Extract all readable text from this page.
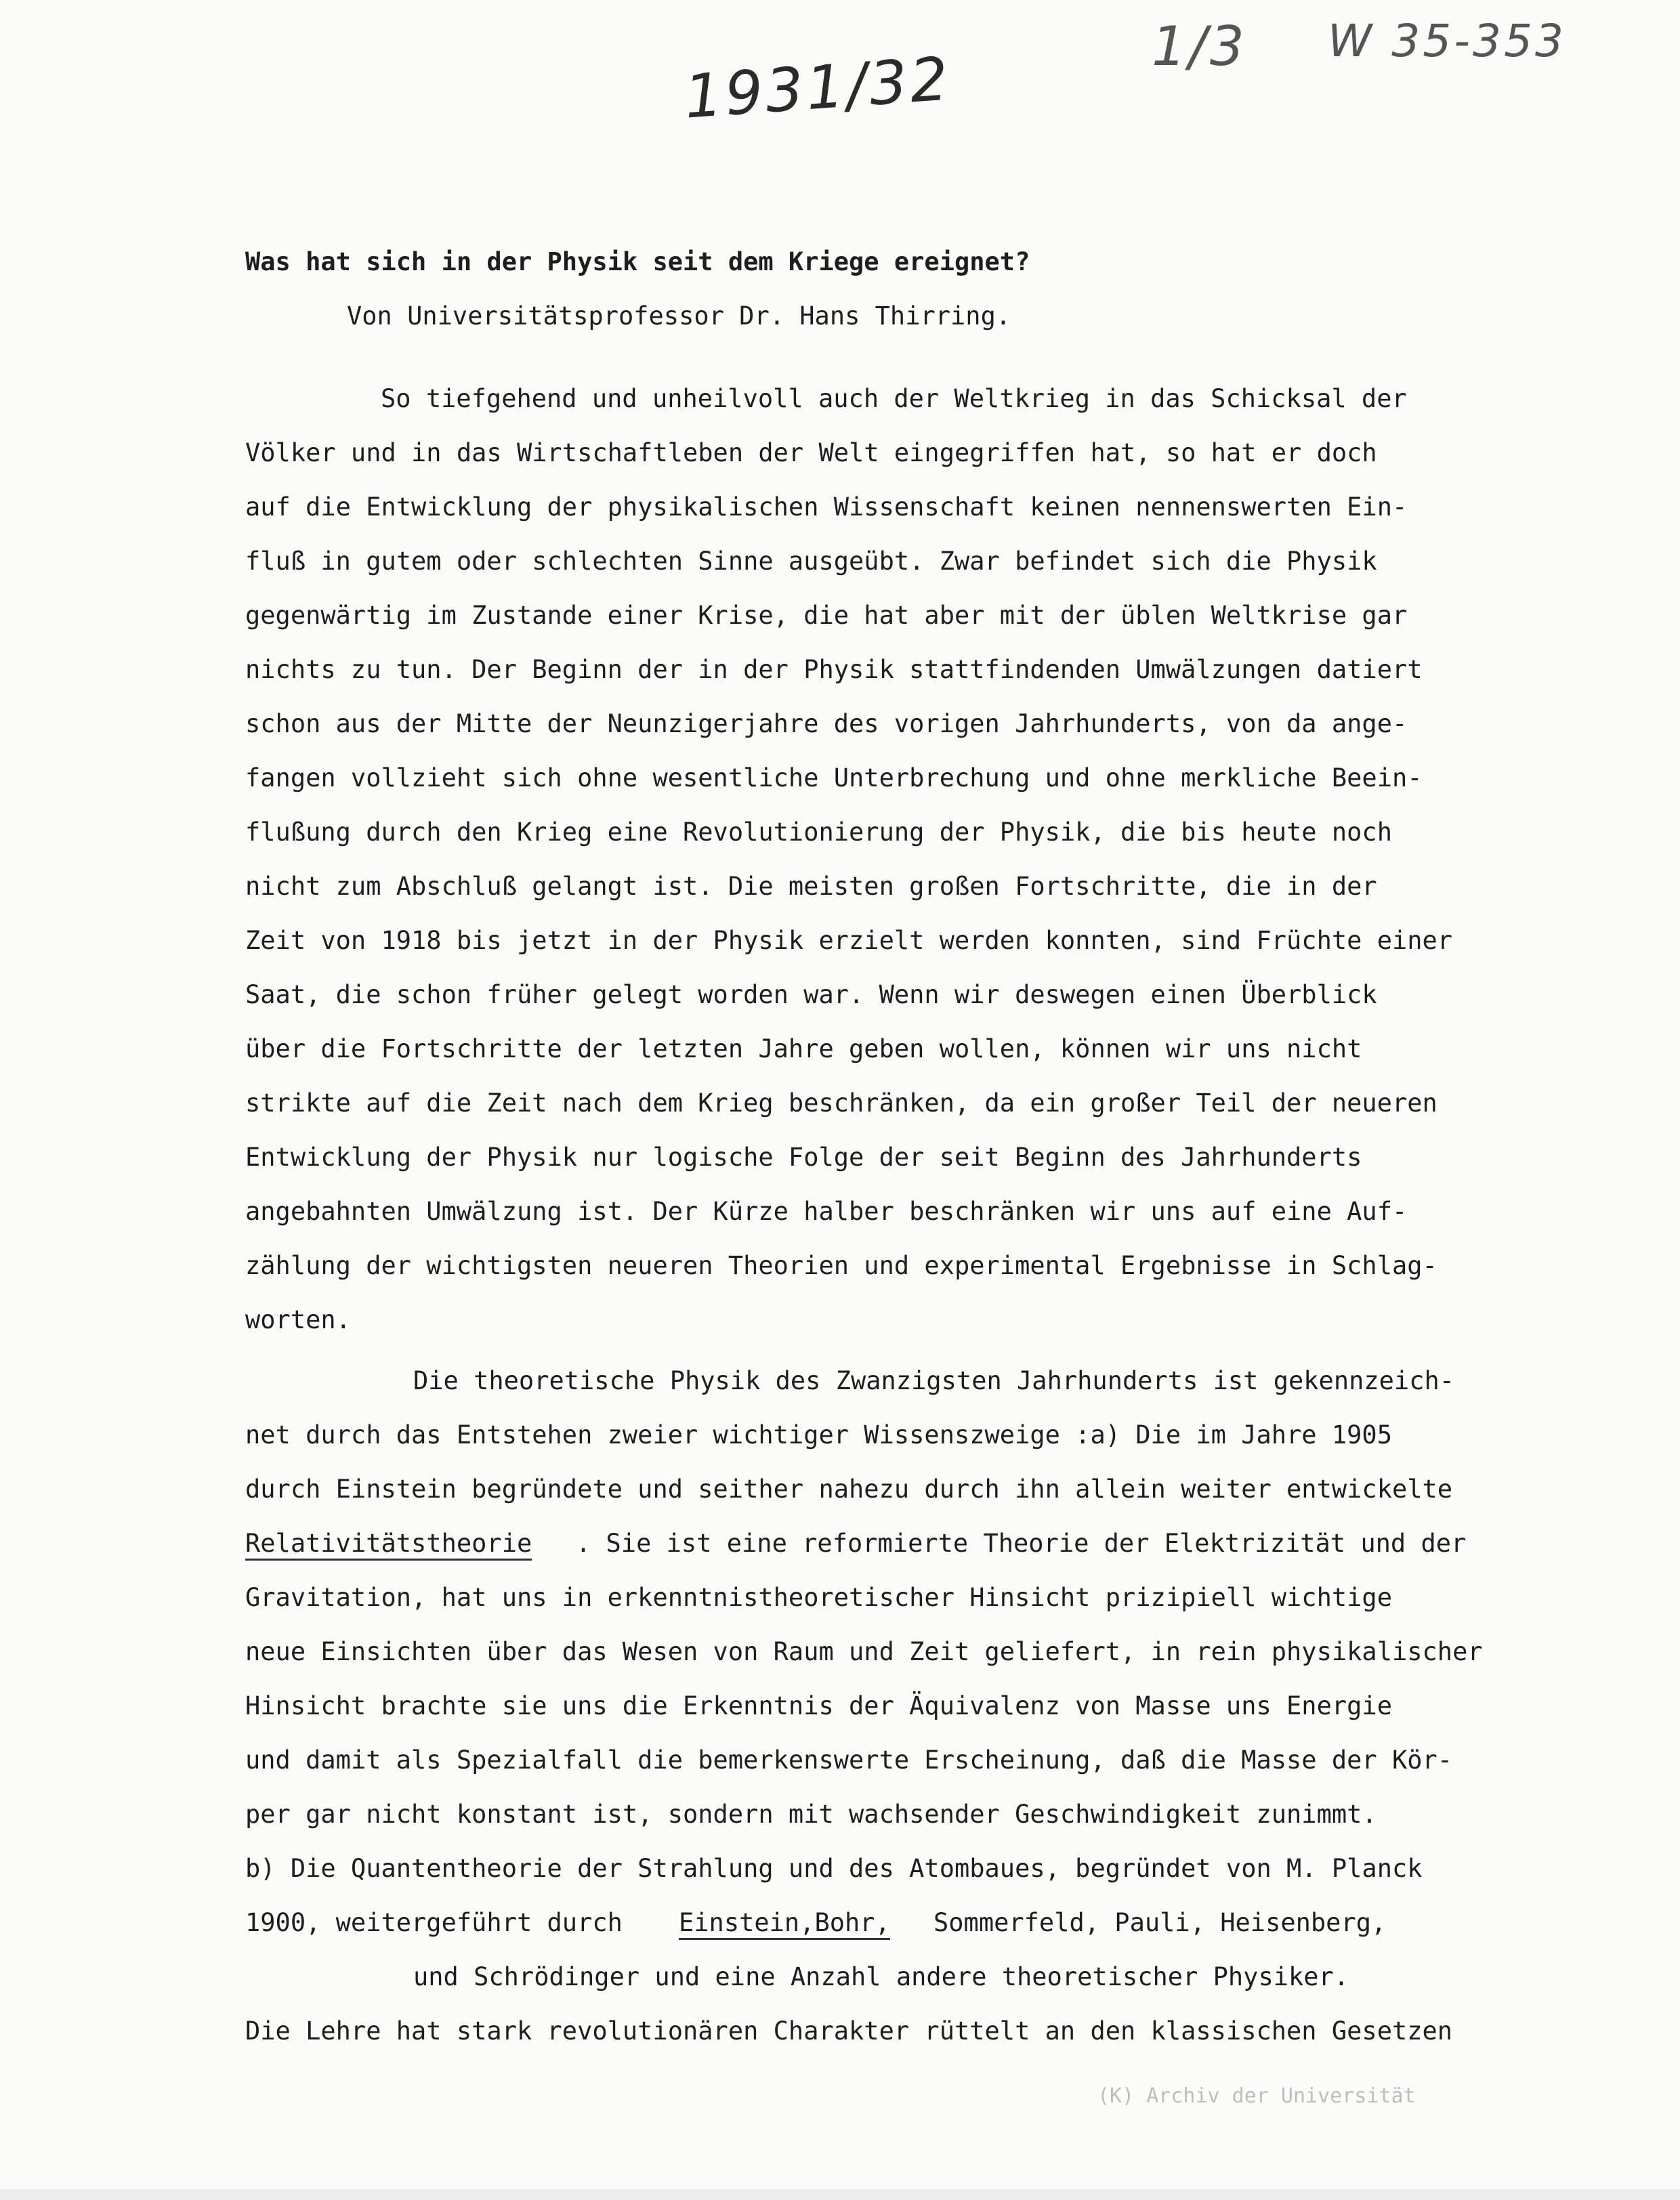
1931/32	1/3 W 35-353
Was hat sich in der Physik seit dem Kriege ereignet?
Von Universitätsprofessor Dr. Hans Thirring.
So tiefgehend und unheilvoll auch der Weltkrieg in das Schicksal der
Völker und in das Wirtschaftleben der Welt eingegriffen hat, so hat er doch
auf die Entwicklung der physikalischen Wissenschaft keinen nennenswerten Ein-
fluß in gutem oder schlechten Sinne ausgeübt. Zwar befindet sich die Physik
gegenwärtig im Zustande einer Krise, die hat aber mit der üblen Weltkrise gar
nichts zu tun. Der Beginn der in der Physik stattfindenden Umwälzungen datiert
schon aus der Mitte der Neunzigerjahre des vorigen Jahrhunderts, von da ange-
fangen vollzieht sich ohne wesentliche Unterbrechung und ohne merkliche Beein-
flußung durch den Krieg eine Revolutionierung der Physik, die bis heute noch
nicht zum Abschluß gelangt ist. Die meisten großen Fortschritte, die in der
Zeit von 1918 bis jetzt in der Physik erzielt werden konnten, sind Früchte einer
Saat, die schon früher gelegt worden war. Wenn wir deswegen einen Überblick
über die Fortschritte der letzten Jahre geben wollen, können wir uns nicht
strikte auf die Zeit nach dem Krieg beschränken, da ein großer Teil der neueren
Entwicklung der Physik nur logische Folge der seit Beginn des Jahrhunderts
angebahnten Umwälzung ist. Der Kürze halber beschränken wir uns auf eine Auf-
zählung der wichtigsten neueren Theorien und experimental Ergebnisse in Schlag-
worten.
Die theoretische Physik des Zwanzigsten Jahrhunderts ist gekennzeich-
net durch das Entstehen zweier wichtiger Wissenszweige :a) Die im Jahre 1905
durch Einstein begründete und seither nahezu durch ihn allein weiter entwickelte
Relativitätstheorie . Sie ist eine reformierte Theorie der Elektrizität und der
Gravitation, hat uns in erkenntnistheoretischer Hinsicht prizipiell wichtige
neue Einsichten über das Wesen von Raum und Zeit geliefert, in rein physikalischer
Hinsicht brachte sie uns die Erkenntnis der Äquivalenz von Masse uns Energie
und damit als Spezialfall die bemerkenswerte Erscheinung, daß die Masse der Kör-
per gar nicht konstant ist, sondern mit wachsender Geschwindigkeit zunimmt.
b) Die Quantentheorie der Strahlung und des Atombaues, begründet von M. Planck
1900, weitergeführt durch Einstein,Bohr, Sommerfeld, Pauli, Heisenberg,
und Schrödinger und eine Anzahl andere theoretischer Physiker.
Die Lehre hat stark revolutionären Charakter rüttelt an den klassischen Gesetzen
(K) Archiv der Universität
